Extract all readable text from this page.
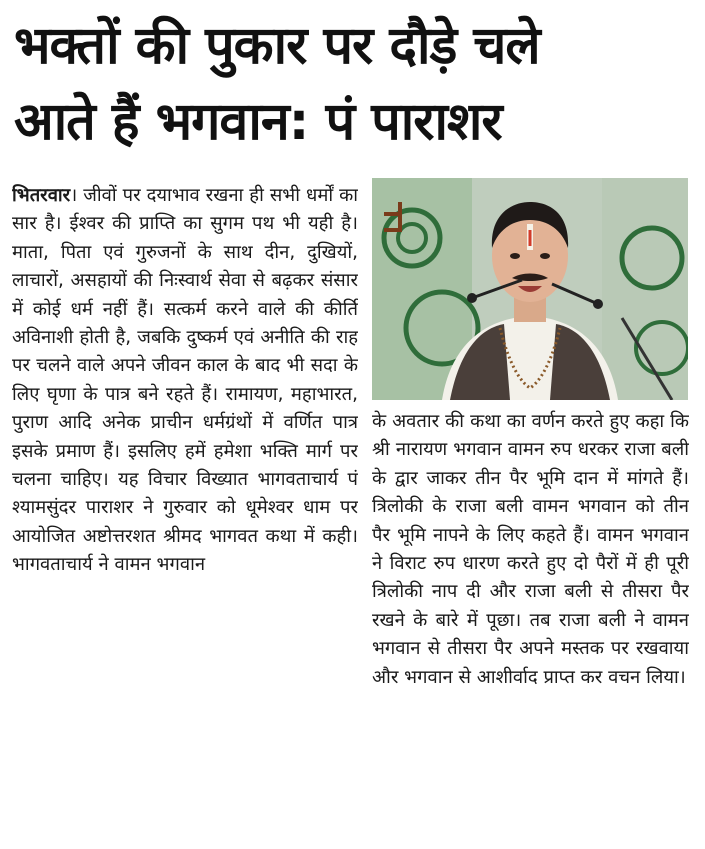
भक्तों की पुकार पर दौड़े चले
आते हैं भगवान: पं पाराशर
भितरवार। जीवों पर दयाभाव रखना ही सभी धर्मों का सार है। ईश्वर की प्राप्ति का सुगम पथ भी यही है। माता, पिता एवं गुरुजनों के साथ दीन, दुखियों, लाचारों, असहायों की निःस्वार्थ सेवा से बढ़कर संसार में कोई धर्म नहीं हैं। सत्कर्म करने वाले की कीर्ति अविनाशी होती है, जबकि दुष्कर्म एवं अनीति की राह पर चलने वाले अपने जीवन काल के बाद भी सदा के लिए घृणा के पात्र बने रहते हैं। रामायण, महाभारत, पुराण आदि अनेक प्राचीन धर्मग्रंथों में वर्णित पात्र इसके प्रमाण हैं। इसलिए हमें हमेशा भक्ति मार्ग पर चलना चाहिए। यह विचार विख्यात भागवताचार्य पं श्यामसुंदर पाराशर ने गुरुवार को धूमेश्वर धाम पर आयोजित अष्टोत्तरशत श्रीमद भागवत कथा में कही। भागवताचार्य ने वामन भगवान
के अवतार की कथा का वर्णन करते हुए कहा कि श्री नारायण भगवान वामन रुप धरकर राजा बली के द्वार जाकर तीन पैर भूमि दान में मांगते हैं। त्रिलोकी के राजा बली वामन भगवान को तीन पैर भूमि नापने के लिए कहते हैं। वामन भगवान ने विराट रुप धारण करते हुए दो पैरों में ही पूरी त्रिलोकी नाप दी और राजा बली से तीसरा पैर रखने के बारे में पूछा। तब राजा बली ने वामन भगवान से तीसरा पैर अपने मस्तक पर रखवाया और भगवान से आशीर्वाद प्राप्त कर वचन लिया।
